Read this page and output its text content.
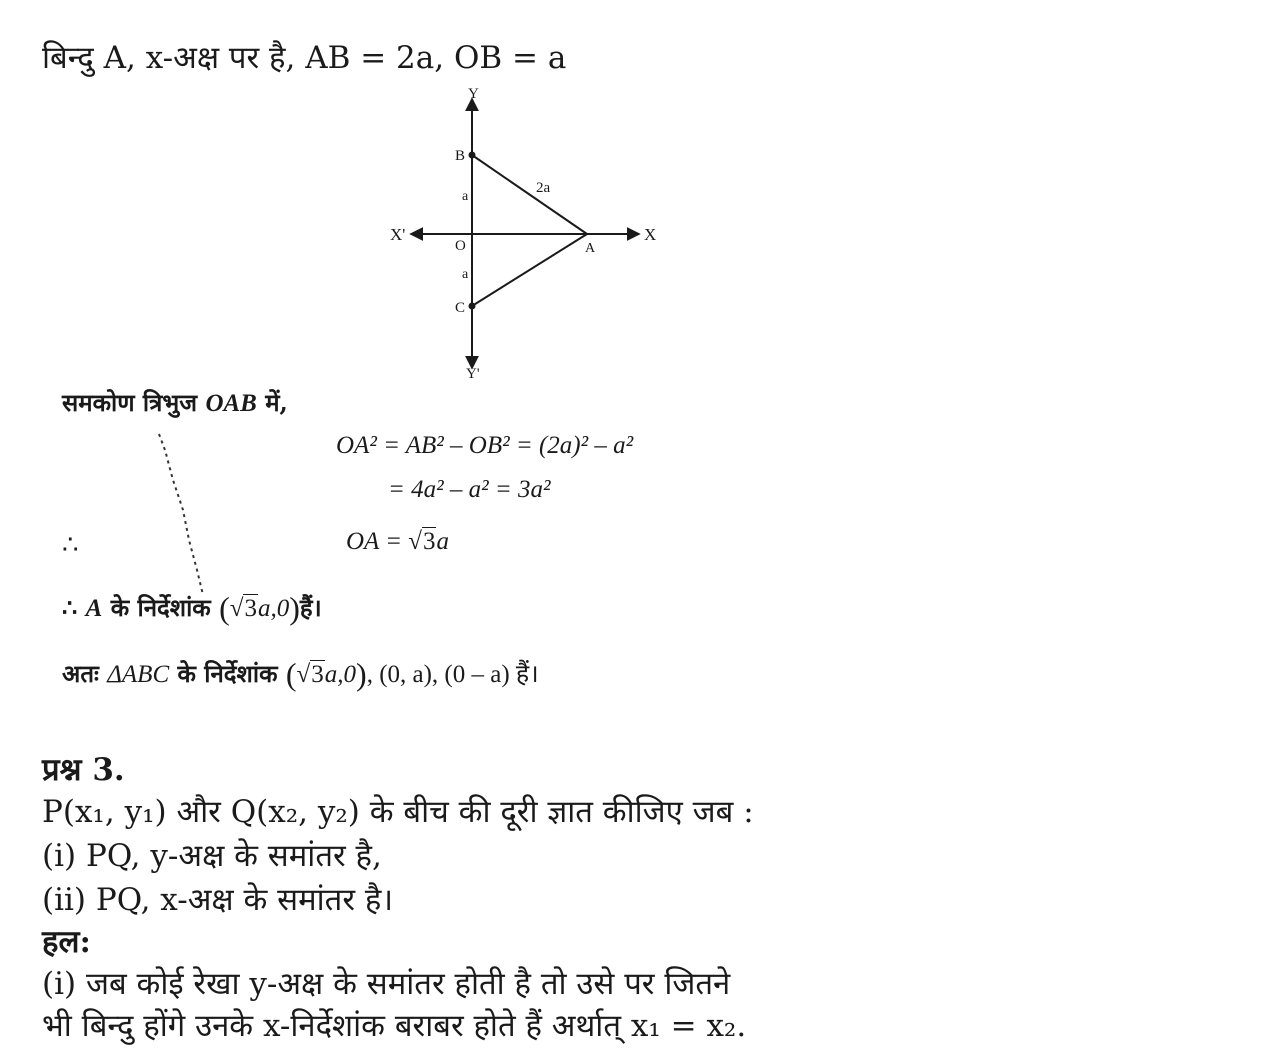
बिन्दु A, x-अक्ष पर है, AB = 2a, OB = a
Y
Y'
X
X'
O
B
C
A
2a
a
a
समकोण त्रिभुज OAB में,
OA² = AB² – OB² = (2a)² – a²
= 4a² – a² = 3a²
∴	OA = √3a
∴ A के निर्देशांक (√3a,0)हैं।
अतः ΔABC के निर्देशांक (√3a,0), (0, a), (0 – a) हैं।
प्रश्न 3.
P(x₁, y₁) और Q(x₂, y₂) के बीच की दूरी ज्ञात कीजिए जब :
(i) PQ, y-अक्ष के समांतर है,
(ii) PQ, x-अक्ष के समांतर है।
हल:
(i) जब कोई रेखा y-अक्ष के समांतर होती है तो उसे पर जितने
भी बिन्दु होंगे उनके x-निर्देशांक बराबर होते हैं अर्थात् x₁ = x₂.
